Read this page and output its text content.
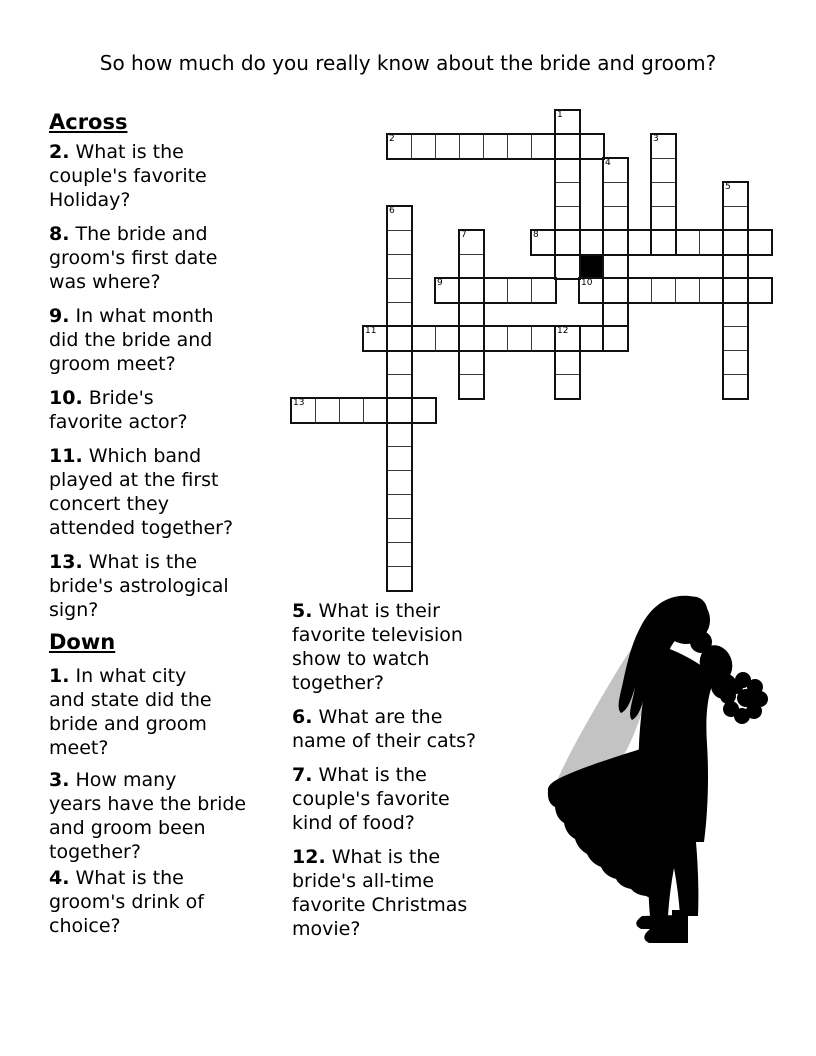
So how much do you really know about the bride and groom?

Across
Down

2. What is the
couple's favorite
Holiday?

8. The bride and
groom's first date
was where?

9. In what month
did the bride and
groom meet?

10. Bride's
favorite actor?

11. Which band
played at the first
concert they
attended together?

13. What is the
bride's astrological
sign?

1. In what city
and state did the
bride and groom
meet?

3. How many
years have the bride
and groom been
together?

4. What is the
groom's drink of
choice?

5. What is their
favorite television
show to watch
together?

6. What are the
name of their cats?

7. What is the
couple's favorite
kind of food?

12. What is the
bride's all-time
favorite Christmas
movie?

1
2	3
4
5
6
7	8
9	10
11	12
13
